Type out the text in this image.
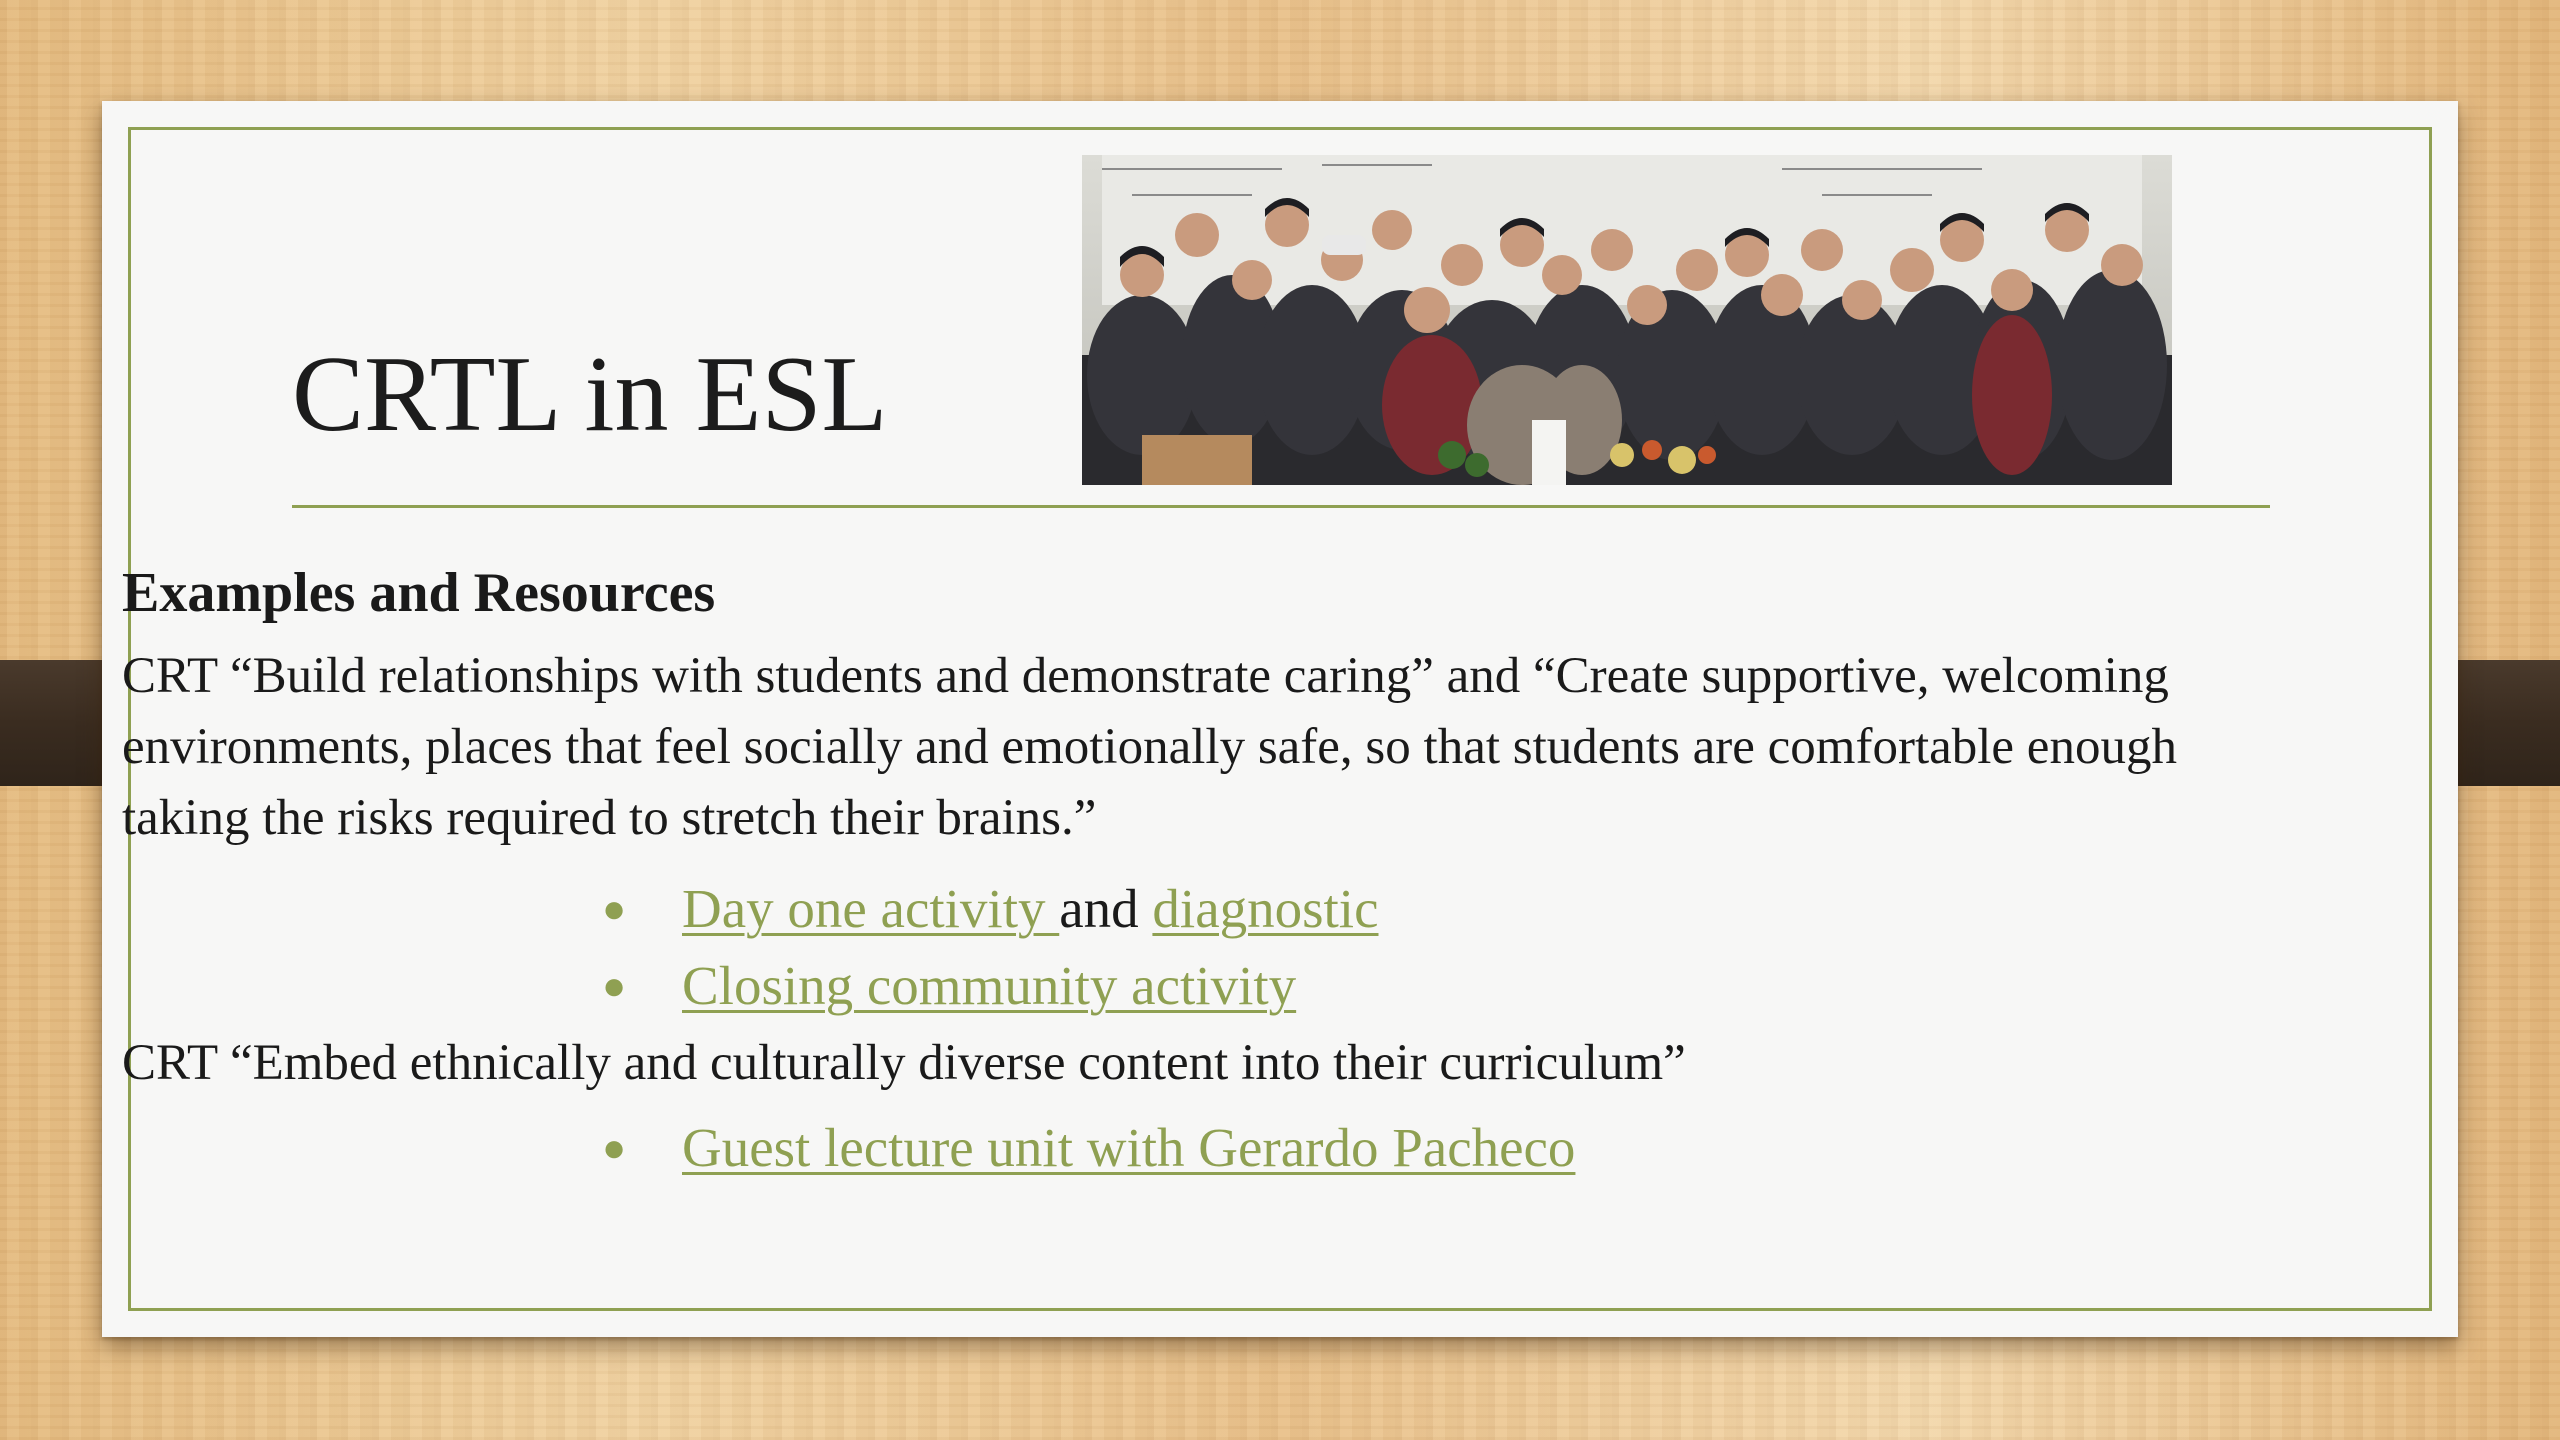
CRTL in ESL
Examples and Resources

CRT “Build relationships with students and demonstrate caring” and “Create supportive, welcoming environments, places that feel socially and emotionally safe, so that students are comfortable enough taking the risks required to stretch their brains.”

● Day one activity and diagnostic
● Closing community activity

CRT “Embed ethnically and culturally diverse content into their curriculum”

● Guest lecture unit with Gerardo Pacheco
